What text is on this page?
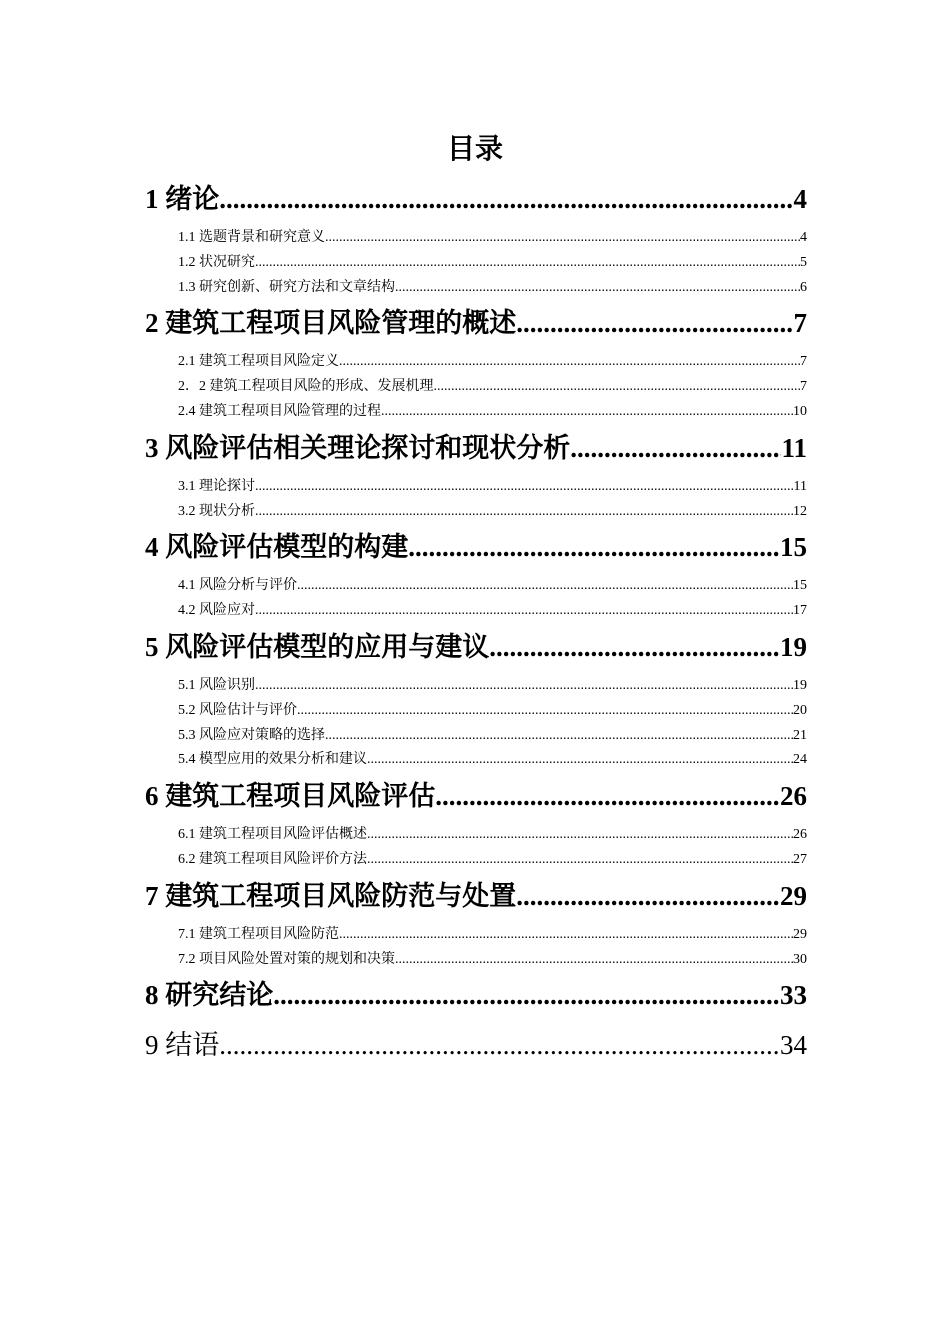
目录
1 绪论 .....	4
1.1 选题背景和研究意义 .....	4
1.2 状况研究 .....	5
1.3 研究创新、研究方法和文章结构 .....	6
2 建筑工程项目风险管理的概述 .....	7
2.1 建筑工程项目风险定义 .....	7
2．2 建筑工程项目风险的形成、发展机理 .....	7
2.4 建筑工程项目风险管理的过程 .....	10
3 风险评估相关理论探讨和现状分析 .....	11
3.1 理论探讨 .....	11
3.2 现状分析 .....	12
4 风险评估模型的构建 .....	15
4.1 风险分析与评价 .....	15
4.2 风险应对 .....	17
5 风险评估模型的应用与建议 .....	19
5.1 风险识别 .....	19
5.2 风险估计与评价 .....	20
5.3 风险应对策略的选择 .....	21
5.4 模型应用的效果分析和建议 .....	24
6 建筑工程项目风险评估 .....	26
6.1 建筑工程项目风险评估概述 .....	26
6.2 建筑工程项目风险评价方法 .....	27
7 建筑工程项目风险防范与处置 .....	29
7.1 建筑工程项目风险防范 .....	29
7.2 项目风险处置对策的规划和决策 .....	30
8 研究结论 .....	33
9 结语 .....	34
